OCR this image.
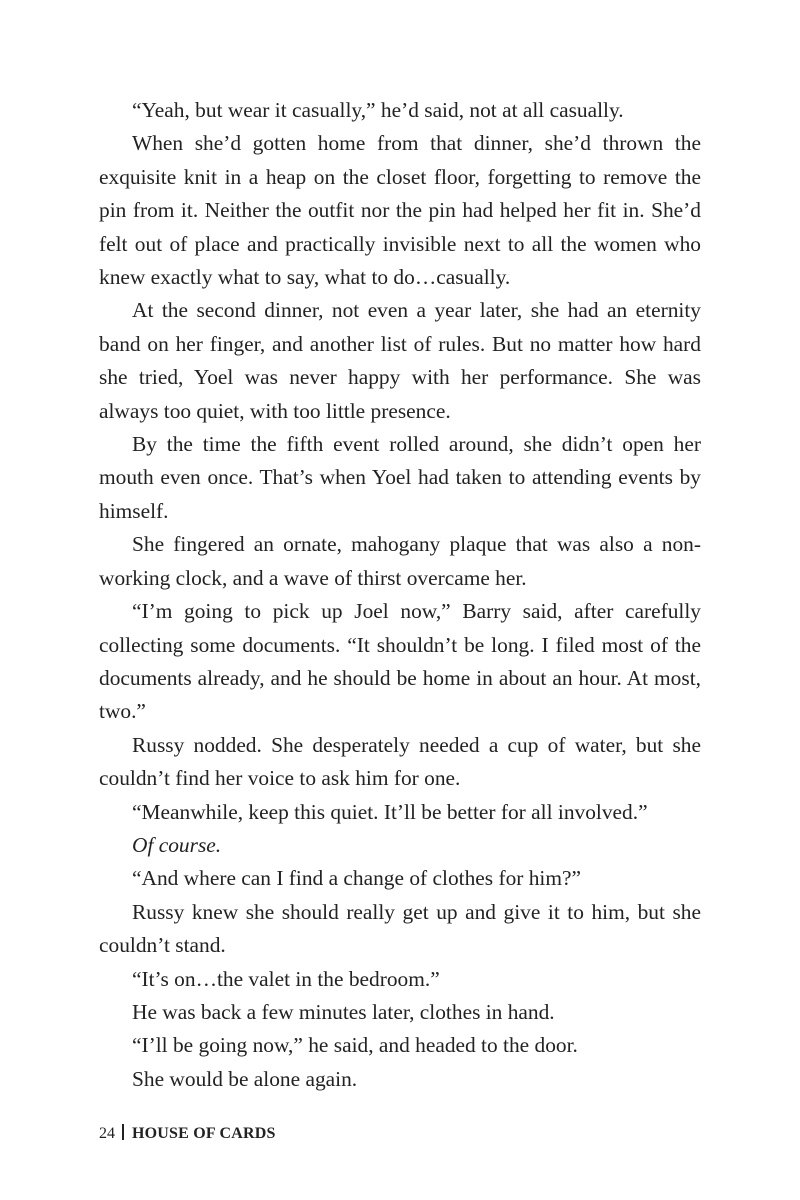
“Yeah, but wear it casually,” he’d said, not at all casually.

When she’d gotten home from that dinner, she’d thrown the exquisite knit in a heap on the closet floor, forgetting to remove the pin from it. Neither the outfit nor the pin had helped her fit in. She’d felt out of place and practically invisible next to all the women who knew exactly what to say, what to do…casually.

At the second dinner, not even a year later, she had an eternity band on her finger, and another list of rules. But no matter how hard she tried, Yoel was never happy with her performance. She was always too quiet, with too little presence.

By the time the fifth event rolled around, she didn’t open her mouth even once. That’s when Yoel had taken to attending events by himself.

She fingered an ornate, mahogany plaque that was also a non-working clock, and a wave of thirst overcame her.

“I’m going to pick up Joel now,” Barry said, after carefully collecting some documents. “It shouldn’t be long. I filed most of the documents already, and he should be home in about an hour. At most, two.”

Russy nodded. She desperately needed a cup of water, but she couldn’t find her voice to ask him for one.

“Meanwhile, keep this quiet. It’ll be better for all involved.”

Of course.

“And where can I find a change of clothes for him?”

Russy knew she should really get up and give it to him, but she couldn’t stand.

“It’s on…the valet in the bedroom.”

He was back a few minutes later, clothes in hand.

“I’ll be going now,” he said, and headed to the door.

She would be alone again.

24 HOUSE OF CARDS
